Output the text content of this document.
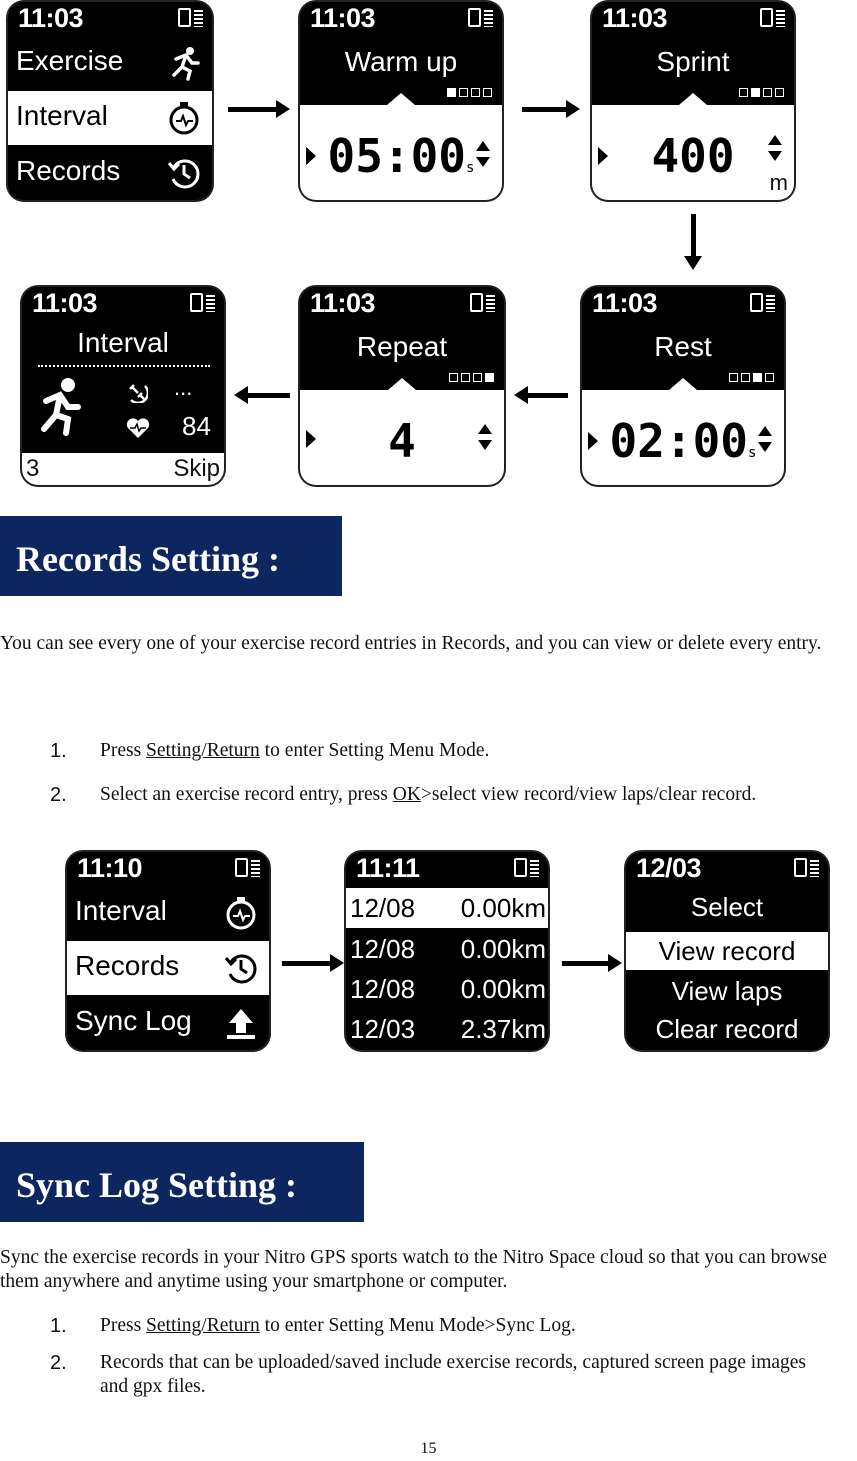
11:03
Exercise
Interval
Records
11:03
Warm up
05:00s
11:03
Sprint
400	m
11:03
Interval
...
84
3	Skip
11:03
Repeat
4
11:03
Rest
02:00s
Records Setting :
You can see every one of your exercise record entries in Records, and you can view or delete every entry.
1. Press Setting/Return to enter Setting Menu Mode.
2. Select an exercise record entry, press OK>select view record/view laps/clear record.
11:10
Interval
Records
Sync Log
11:11
12/08 0.00km
12/08 0.00km
12/08 0.00km
12/03 2.37km
12/03
Select
View record
View laps
Clear record
Sync Log Setting :
Sync the exercise records in your Nitro GPS sports watch to the Nitro Space cloud so that you can browse them anywhere and anytime using your smartphone or computer.
1. Press Setting/Return to enter Setting Menu Mode>Sync Log.
2. Records that can be uploaded/saved include exercise records, captured screen page images and gpx files.
15
